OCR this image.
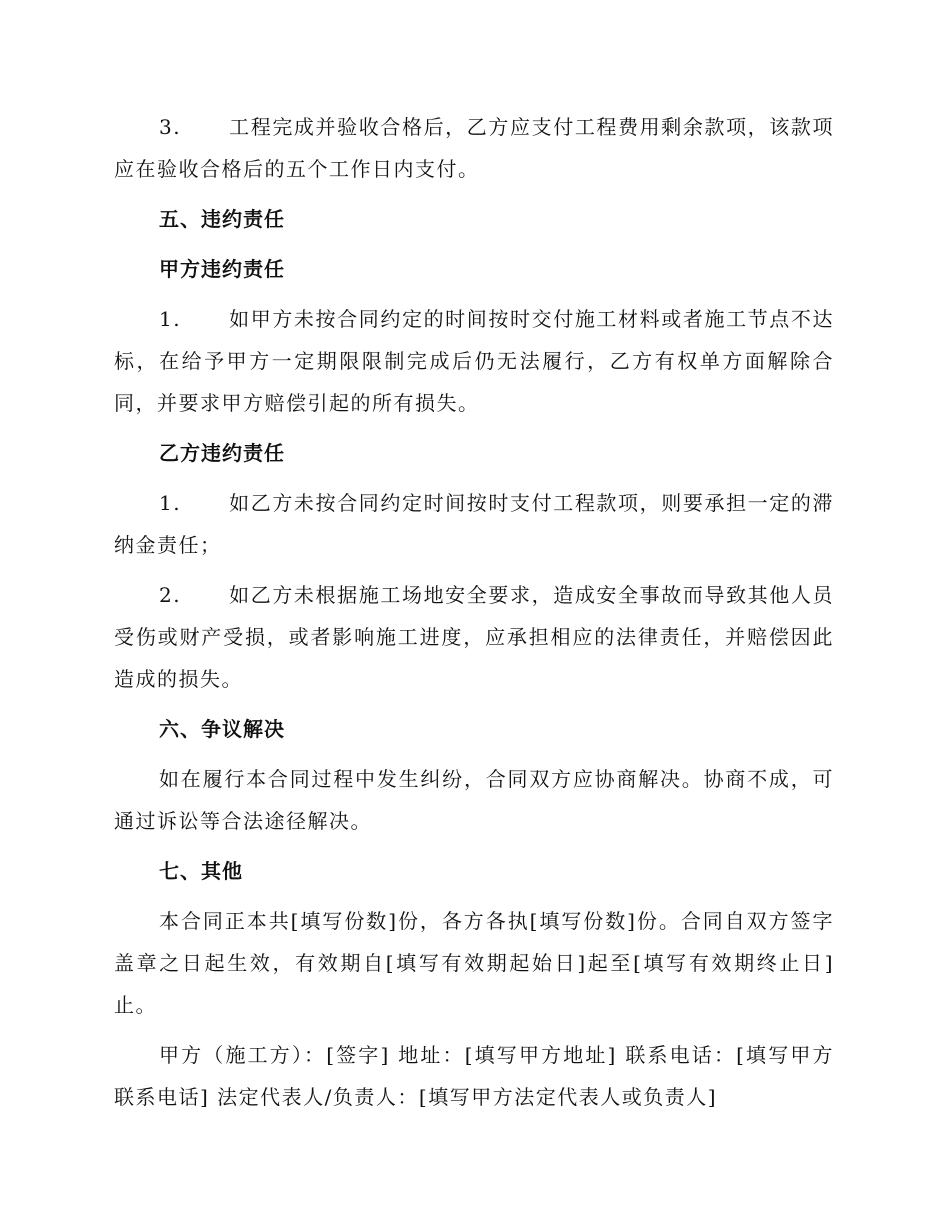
3. 工程完成并验收合格后，乙方应支付工程费用剩余款项，该款项应在验收合格后的五个工作日内支付。

五、违约责任
甲方违约责任

1. 如甲方未按合同约定的时间按时交付施工材料或者施工节点不达标，在给予甲方一定期限限制完成后仍无法履行，乙方有权单方面解除合同，并要求甲方赔偿引起的所有损失。

乙方违约责任

1. 如乙方未按合同约定时间按时支付工程款项，则要承担一定的滞纳金责任；

2. 如乙方未根据施工场地安全要求，造成安全事故而导致其他人员受伤或财产受损，或者影响施工进度，应承担相应的法律责任，并赔偿因此造成的损失。

六、争议解决

如在履行本合同过程中发生纠纷，合同双方应协商解决。协商不成，可通过诉讼等合法途径解决。

七、其他

本合同正本共[填写份数]份，各方各执[填写份数]份。合同自双方签字盖章之日起生效，有效期自[填写有效期起始日]起至[填写有效期终止日]止。

甲方（施工方）：[签字] 地址：[填写甲方地址] 联系电话：[填写甲方联系电话] 法定代表人/负责人：[填写甲方法定代表人或负责人]
